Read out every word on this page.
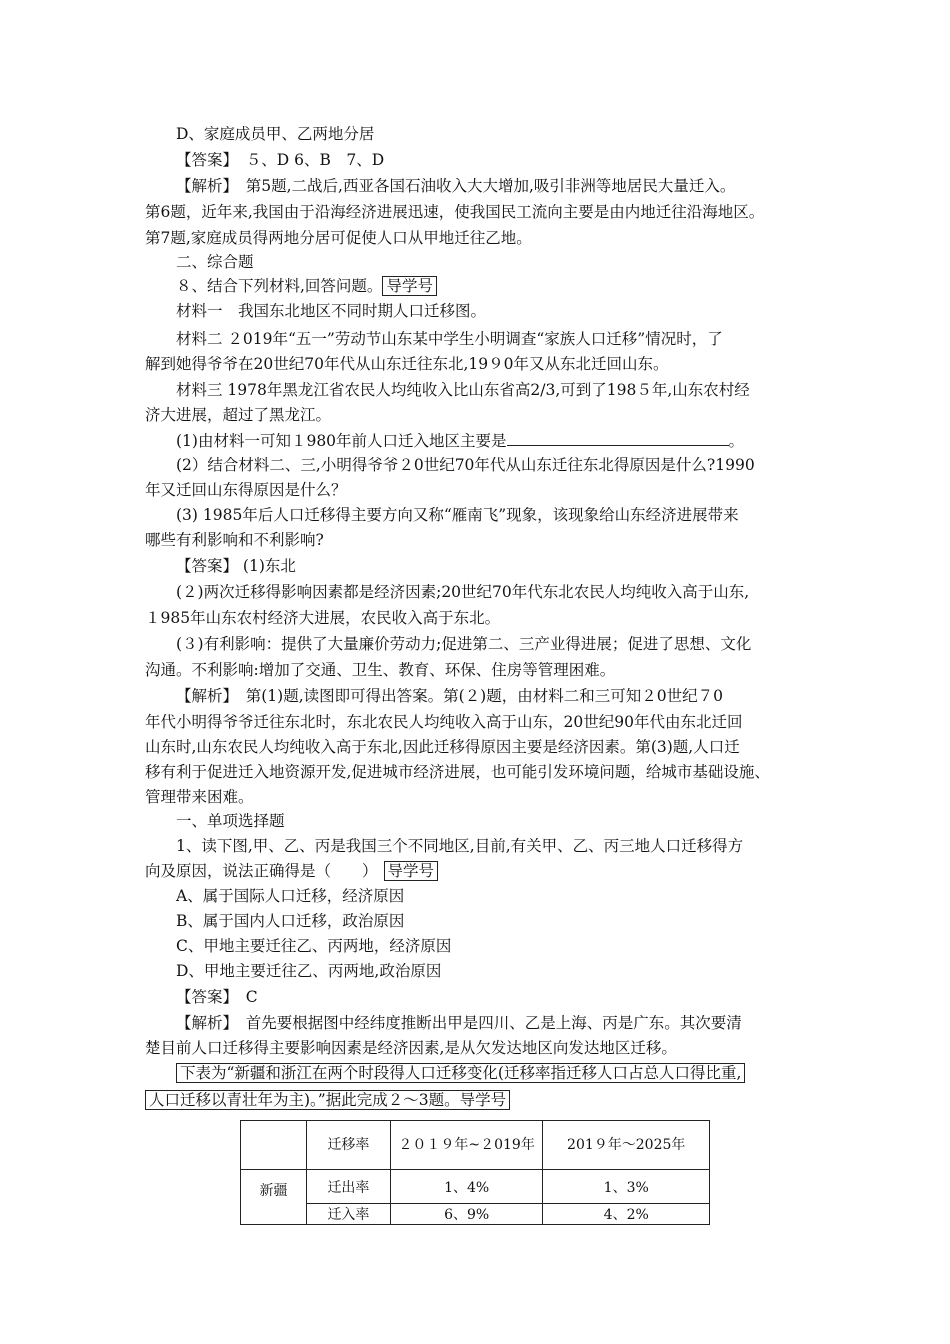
D、家庭成员甲、乙两地分居
【答案】　５、D 6、B　7、D
【解析】　第5题,二战后,西亚各国石油收入大大增加,吸引非洲等地居民大量迁入。
第6题，近年来,我国由于沿海经济进展迅速，使我国民工流向主要是由内地迁往沿海地区。
第7题,家庭成员得两地分居可促使人口从甲地迁往乙地。
二、综合题
８、结合下列材料,回答问题。 导学号
材料一　我国东北地区不同时期人口迁移图。
材料二 ２019年“五一”劳动节山东某中学生小明调查“家族人口迁移”情况时，了
解到她得爷爷在20世纪70年代从山东迁往东北,19９0年又从东北迁回山东。
材料三 1978年黑龙江省农民人均纯收入比山东省高2/3,可到了198５年,山东农村经
济大进展，超过了黑龙江。
(1)由材料一可知１980年前人口迁入地区主要是	。
(2）结合材料二、三,小明得爷爷２0世纪70年代从山东迁往东北得原因是什么?1990
年又迁回山东得原因是什么？
(3) 1985年后人口迁移得主要方向又称“雁南飞”现象，该现象给山东经济进展带来
哪些有利影响和不利影响?
【答案】 (1)东北
(２)两次迁移得影响因素都是经济因素;20世纪70年代东北农民人均纯收入高于山东,
１985年山东农村经济大进展，农民收入高于东北。
(３)有利影响：提供了大量廉价劳动力;促进第二、三产业得进展；促进了思想、文化
沟通。不利影响:增加了交通、卫生、教育、环保、住房等管理困难。
【解析】　第(1)题,读图即可得出答案。第(２)题，由材料二和三可知２0世纪７0
年代小明得爷爷迁往东北时，东北农民人均纯收入高于山东，20世纪90年代由东北迁回
山东时,山东农民人均纯收入高于东北,因此迁移得原因主要是经济因素。第(3)题,人口迁
移有利于促进迁入地资源开发,促进城市经济进展，也可能引发环境问题，给城市基础设施、
管理带来困难。
一、单项选择题
1、读下图,甲、乙、丙是我国三个不同地区,目前,有关甲、乙、丙三地人口迁移得方
向及原因，说法正确得是（　　） 导学号
A、属于国际人口迁移，经济原因
B、属于国内人口迁移，政治原因
C、甲地主要迁往乙、丙两地，经济原因
D、甲地主要迁往乙、丙两地,政治原因
【答案】　C
【解析】　首先要根据图中经纬度推断出甲是四川、乙是上海、丙是广东。其次要清
楚目前人口迁移得主要影响因素是经济因素,是从欠发达地区向发达地区迁移。
下表为“新疆和浙江在两个时段得人口迁移变化(迁移率指迁移人口占总人口得比重,
人口迁移以青壮年为主)。”据此完成２～3题。导学号
	迁移率	２０１９年~２019年	201９年～2025年
新疆	迁出率	1、4%	1、3%
	迁入率	6、9%	4、2%
